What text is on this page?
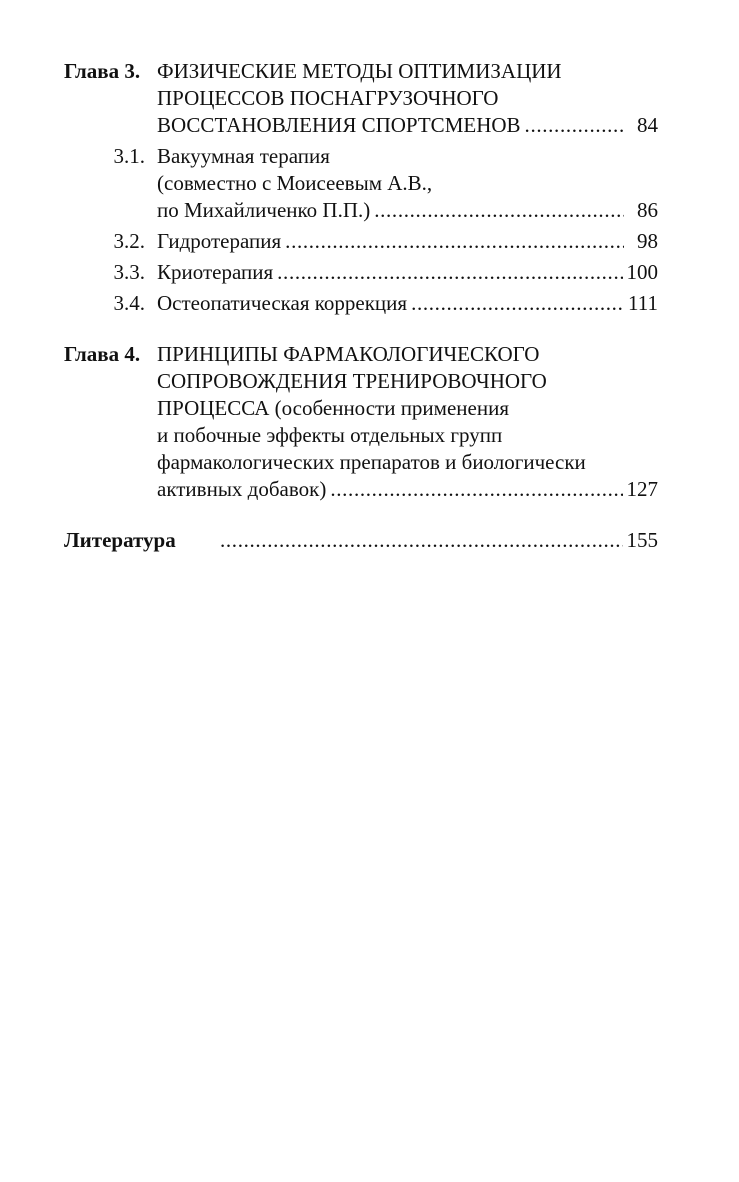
Глава 3. ФИЗИЧЕСКИЕ МЕТОДЫ ОПТИМИЗАЦИИ
ПРОЦЕССОВ ПОСНАГРУЗОЧНОГО
ВОССТАНОВЛЕНИЯ СПОРТСМЕНОВ . . .	84
3.1. Вакуумная терапия
(совместно с Моисеевым А.В.,
по Михайличенко П.П.) . . .	86
3.2. Гидротерапия . . .	98
3.3. Криотерапия . . .	100
3.4. Остеопатическая коррекция . . .	111
Глава 4. ПРИНЦИПЫ ФАРМАКОЛОГИЧЕСКОГО
СОПРОВОЖДЕНИЯ ТРЕНИРОВОЧНОГО
ПРОЦЕССА (особенности применения
и побочные эффекты отдельных групп
фармакологических препаратов и биологически
активных добавок) . . .	127
Литература . . .	155
